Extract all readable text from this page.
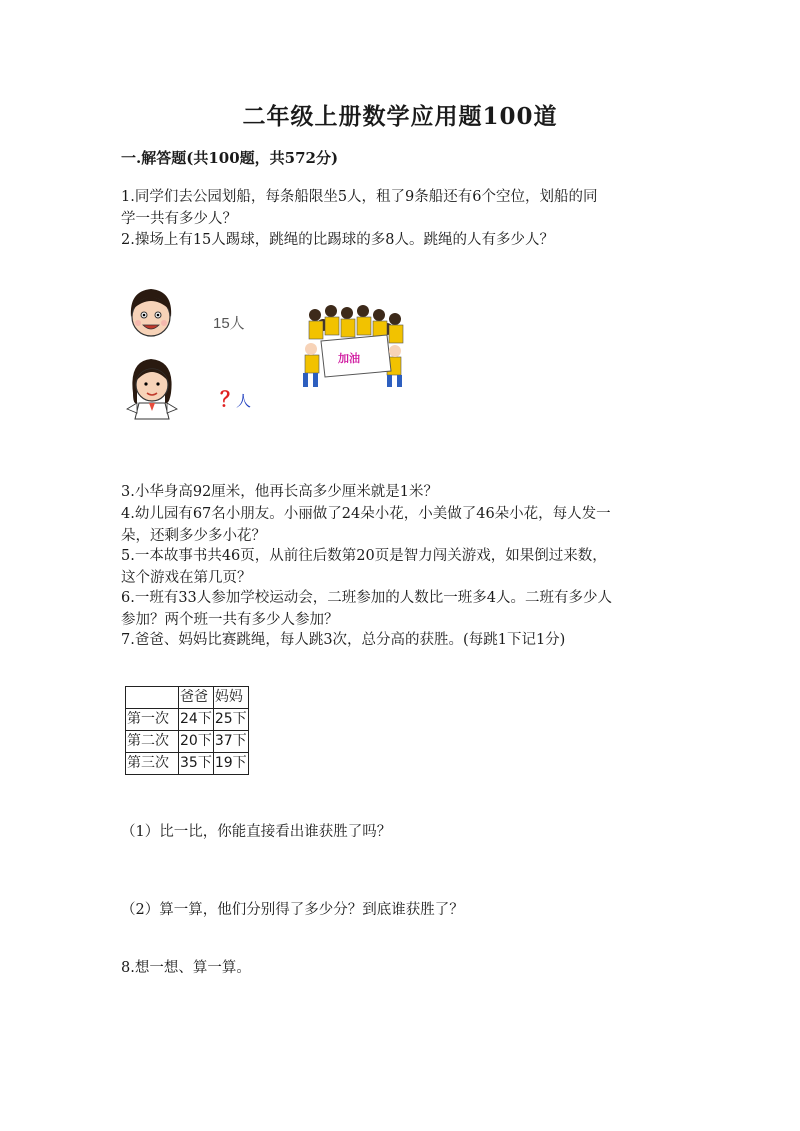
二年级上册数学应用题100道
一.解答题(共100题，共572分)
1.同学们去公园划船，每条船限坐5人，租了9条船还有6个空位，划船的同
学一共有多少人？
2.操场上有15人踢球，跳绳的比踢球的多8人。跳绳的人有多少人？
15人
？
人
加油
3.小华身高92厘米，他再长高多少厘米就是1米？
4.幼儿园有67名小朋友。小丽做了24朵小花，小美做了46朵小花，每人发一
朵，还剩多少多小花？
5.一本故事书共46页，从前往后数第20页是智力闯关游戏，如果倒过来数，
这个游戏在第几页？
6.一班有33人参加学校运动会，二班参加的人数比一班多4人。二班有多少人
参加？两个班一共有多少人参加？
7.爸爸、妈妈比赛跳绳，每人跳3次，总分高的获胜。(每跳1下记1分)
	爸爸	妈妈
第一次	24下	25下
第二次	20下	37下
第三次	35下	19下
（1）比一比，你能直接看出谁获胜了吗？
（2）算一算，他们分别得了多少分？到底谁获胜了？
8.想一想、算一算。
